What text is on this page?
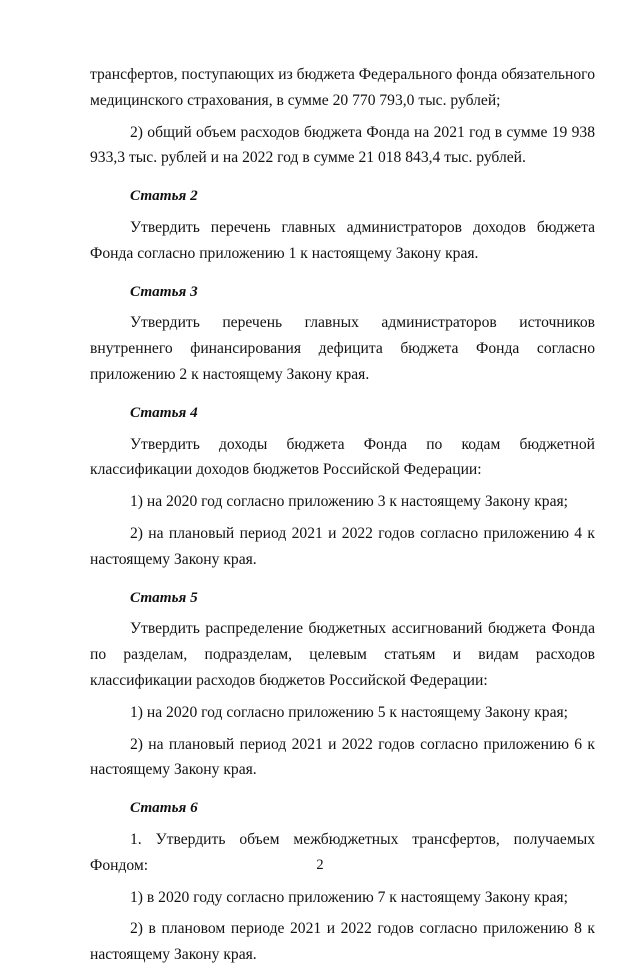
трансфертов, поступающих из бюджета Федерального фонда обязательного медицинского страхования, в сумме 20 770 793,0 тыс. рублей;

2) общий объем расходов бюджета Фонда на 2021 год в сумме 19 938 933,3 тыс. рублей и на 2022 год в сумме 21 018 843,4 тыс. рублей.

Статья 2

Утвердить перечень главных администраторов доходов бюджета Фонда согласно приложению 1 к настоящему Закону края.

Статья 3

Утвердить перечень главных администраторов источников внутреннего финансирования дефицита бюджета Фонда согласно приложению 2 к настоящему Закону края.

Статья 4

Утвердить доходы бюджета Фонда по кодам бюджетной классификации доходов бюджетов Российской Федерации:

1) на 2020 год согласно приложению 3 к настоящему Закону края;

2) на плановый период 2021 и 2022 годов согласно приложению 4 к настоящему Закону края.

Статья 5

Утвердить распределение бюджетных ассигнований бюджета Фонда по разделам, подразделам, целевым статьям и видам расходов классификации расходов бюджетов Российской Федерации:

1) на 2020 год согласно приложению 5 к настоящему Закону края;

2) на плановый период 2021 и 2022 годов согласно приложению 6 к настоящему Закону края.

Статья 6

1. Утвердить объем межбюджетных трансфертов, получаемых Фондом:

1) в 2020 году согласно приложению 7 к настоящему Закону края;

2) в плановом периоде 2021 и 2022 годов согласно приложению 8 к настоящему Закону края.

2
